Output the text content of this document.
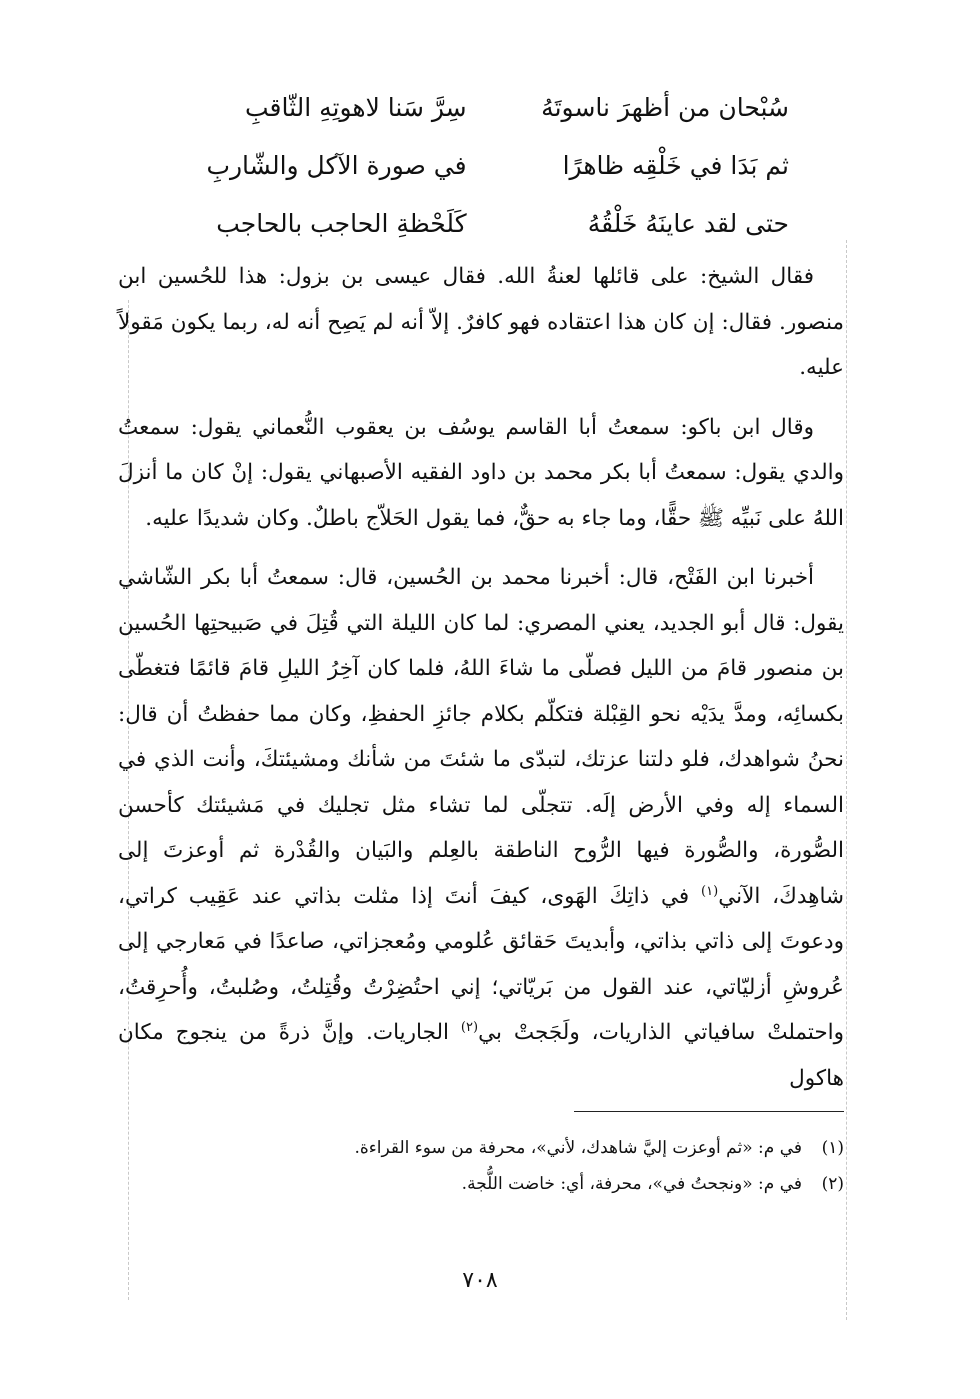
سُبْحان من أظهرَ ناسوتَهُ
سِرَّ سَنا لاهوتِهِ الثّاقبِ
ثم بَدَا في خَلْقِه ظاهرًا
في صورة الآكل والشّاربِ
حتى لقد عاينَهُ خَلْقُهُ
كَلَحْظةِ الحاجب بالحاجب

فقال الشيخ: على قائلها لعنةُ الله. فقال عيسى بن بزول: هذا للحُسين ابن منصور. فقال: إن كان هذا اعتقاده فهو كافرٌ. إلاّ أنه لم يَصِح أنه له، ربما يكون مَقولاً عليه.

وقال ابن باكو: سمعتُ أبا القاسم يوسُف بن يعقوب النُّعماني يقول: سمعتُ والدي يقول: سمعتُ أبا بكر محمد بن داود الفقيه الأصبهاني يقول: إنْ كان ما أنزلَ اللهُ على نَبيِّه ﷺ حقًّا، وما جاء به حقٌّ، فما يقول الحَلاّج باطلٌ. وكان شديدًا عليه.

أخبرنا ابن الفَتْح، قال: أخبرنا محمد بن الحُسين، قال: سمعتُ أبا بكر الشّاشي يقول: قال أبو الجديد، يعني المصري: لما كان الليلة التي قُتِلَ في صَبيحتِها الحُسين بن منصور قامَ من الليل فصلّى ما شاءَ اللهُ، فلما كان آخِرُ الليلِ قامَ قائمًا فتغطّى بكسائِه، ومدَّ يدَيْه نحو القِبْلة فتكلّم بكلام جائزِ الحفظِ، وكان مما حفظتُ أن قال: نحنُ شواهدك، فلو دلتنا عزتك، لتبدّى ما شئتَ من شأنك ومشيئتكَ، وأنت الذي في السماء إله وفي الأرض إلَه. تتجلّى لما تشاء مثل تجليك في مَشيئتك كأحسن الصُّورة، والصُّورة فيها الرُّوح الناطقة بالعِلم والبَيان والقُدْرة ثم أوعزتَ إلى شاهِدكَ، الآني$^{(١)}$ في ذاتِكَ الهَوى، كيفَ أنتَ إذا مثلت بذاتي عند عَقِيب كراتي، ودعوتَ إلى ذاتي بذاتي، وأبديتَ حَقائق عُلومي ومُعجزاتي، صاعدًا في مَعارجي إلى عُروشِ أزليّاتي، عند القول من بَريّاتي؛ إني احتُضِرْتُ وقُتِلتُ، وصُلبتُ، وأُحرِقتُ، واحتملتْ سافياتي الذاريات، ولَجَجتْ بي$^{(٢)}$ الجاريات. وإنَّ ذرةً من ينجوج مكان هاكول

(١)في م: «ثم أوعزت إليَّ شاهدك، لأني»، محرفة من سوء القراءة.
(٢)في م: «ونجحتُ في»، محرفة، أي: خاضت اللُّجة.
٧٠٨
